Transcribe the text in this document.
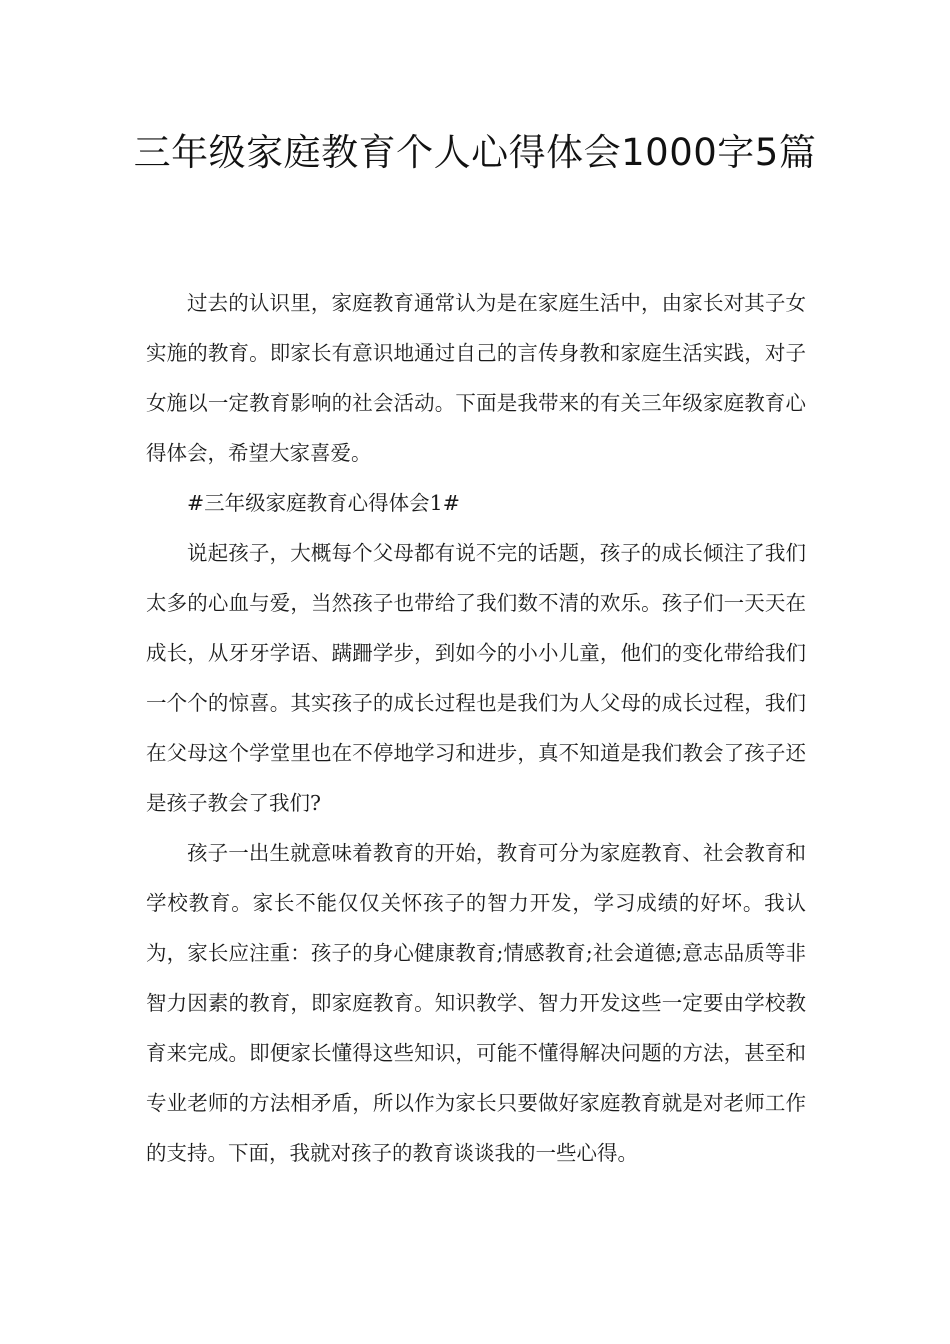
三年级家庭教育个人心得体会1000字5篇

过去的认识里，家庭教育通常认为是在家庭生活中，由家长对其子女实施的教育。即家长有意识地通过自己的言传身教和家庭生活实践，对子女施以一定教育影响的社会活动。下面是我带来的有关三年级家庭教育心得体会，希望大家喜爱。

#三年级家庭教育心得体会1#

说起孩子，大概每个父母都有说不完的话题，孩子的成长倾注了我们太多的心血与爱，当然孩子也带给了我们数不清的欢乐。孩子们一天天在成长，从牙牙学语、蹒跚学步，到如今的小小儿童，他们的变化带给我们一个个的惊喜。其实孩子的成长过程也是我们为人父母的成长过程，我们在父母这个学堂里也在不停地学习和进步，真不知道是我们教会了孩子还是孩子教会了我们?

孩子一出生就意味着教育的开始，教育可分为家庭教育、社会教育和学校教育。家长不能仅仅关怀孩子的智力开发，学习成绩的好坏。我认为，家长应注重：孩子的身心健康教育;情感教育;社会道德;意志品质等非智力因素的教育，即家庭教育。知识教学、智力开发这些一定要由学校教育来完成。即便家长懂得这些知识，可能不懂得解决问题的方法，甚至和专业老师的方法相矛盾，所以作为家长只要做好家庭教育就是对老师工作的支持。下面，我就对孩子的教育谈谈我的一些心得。
